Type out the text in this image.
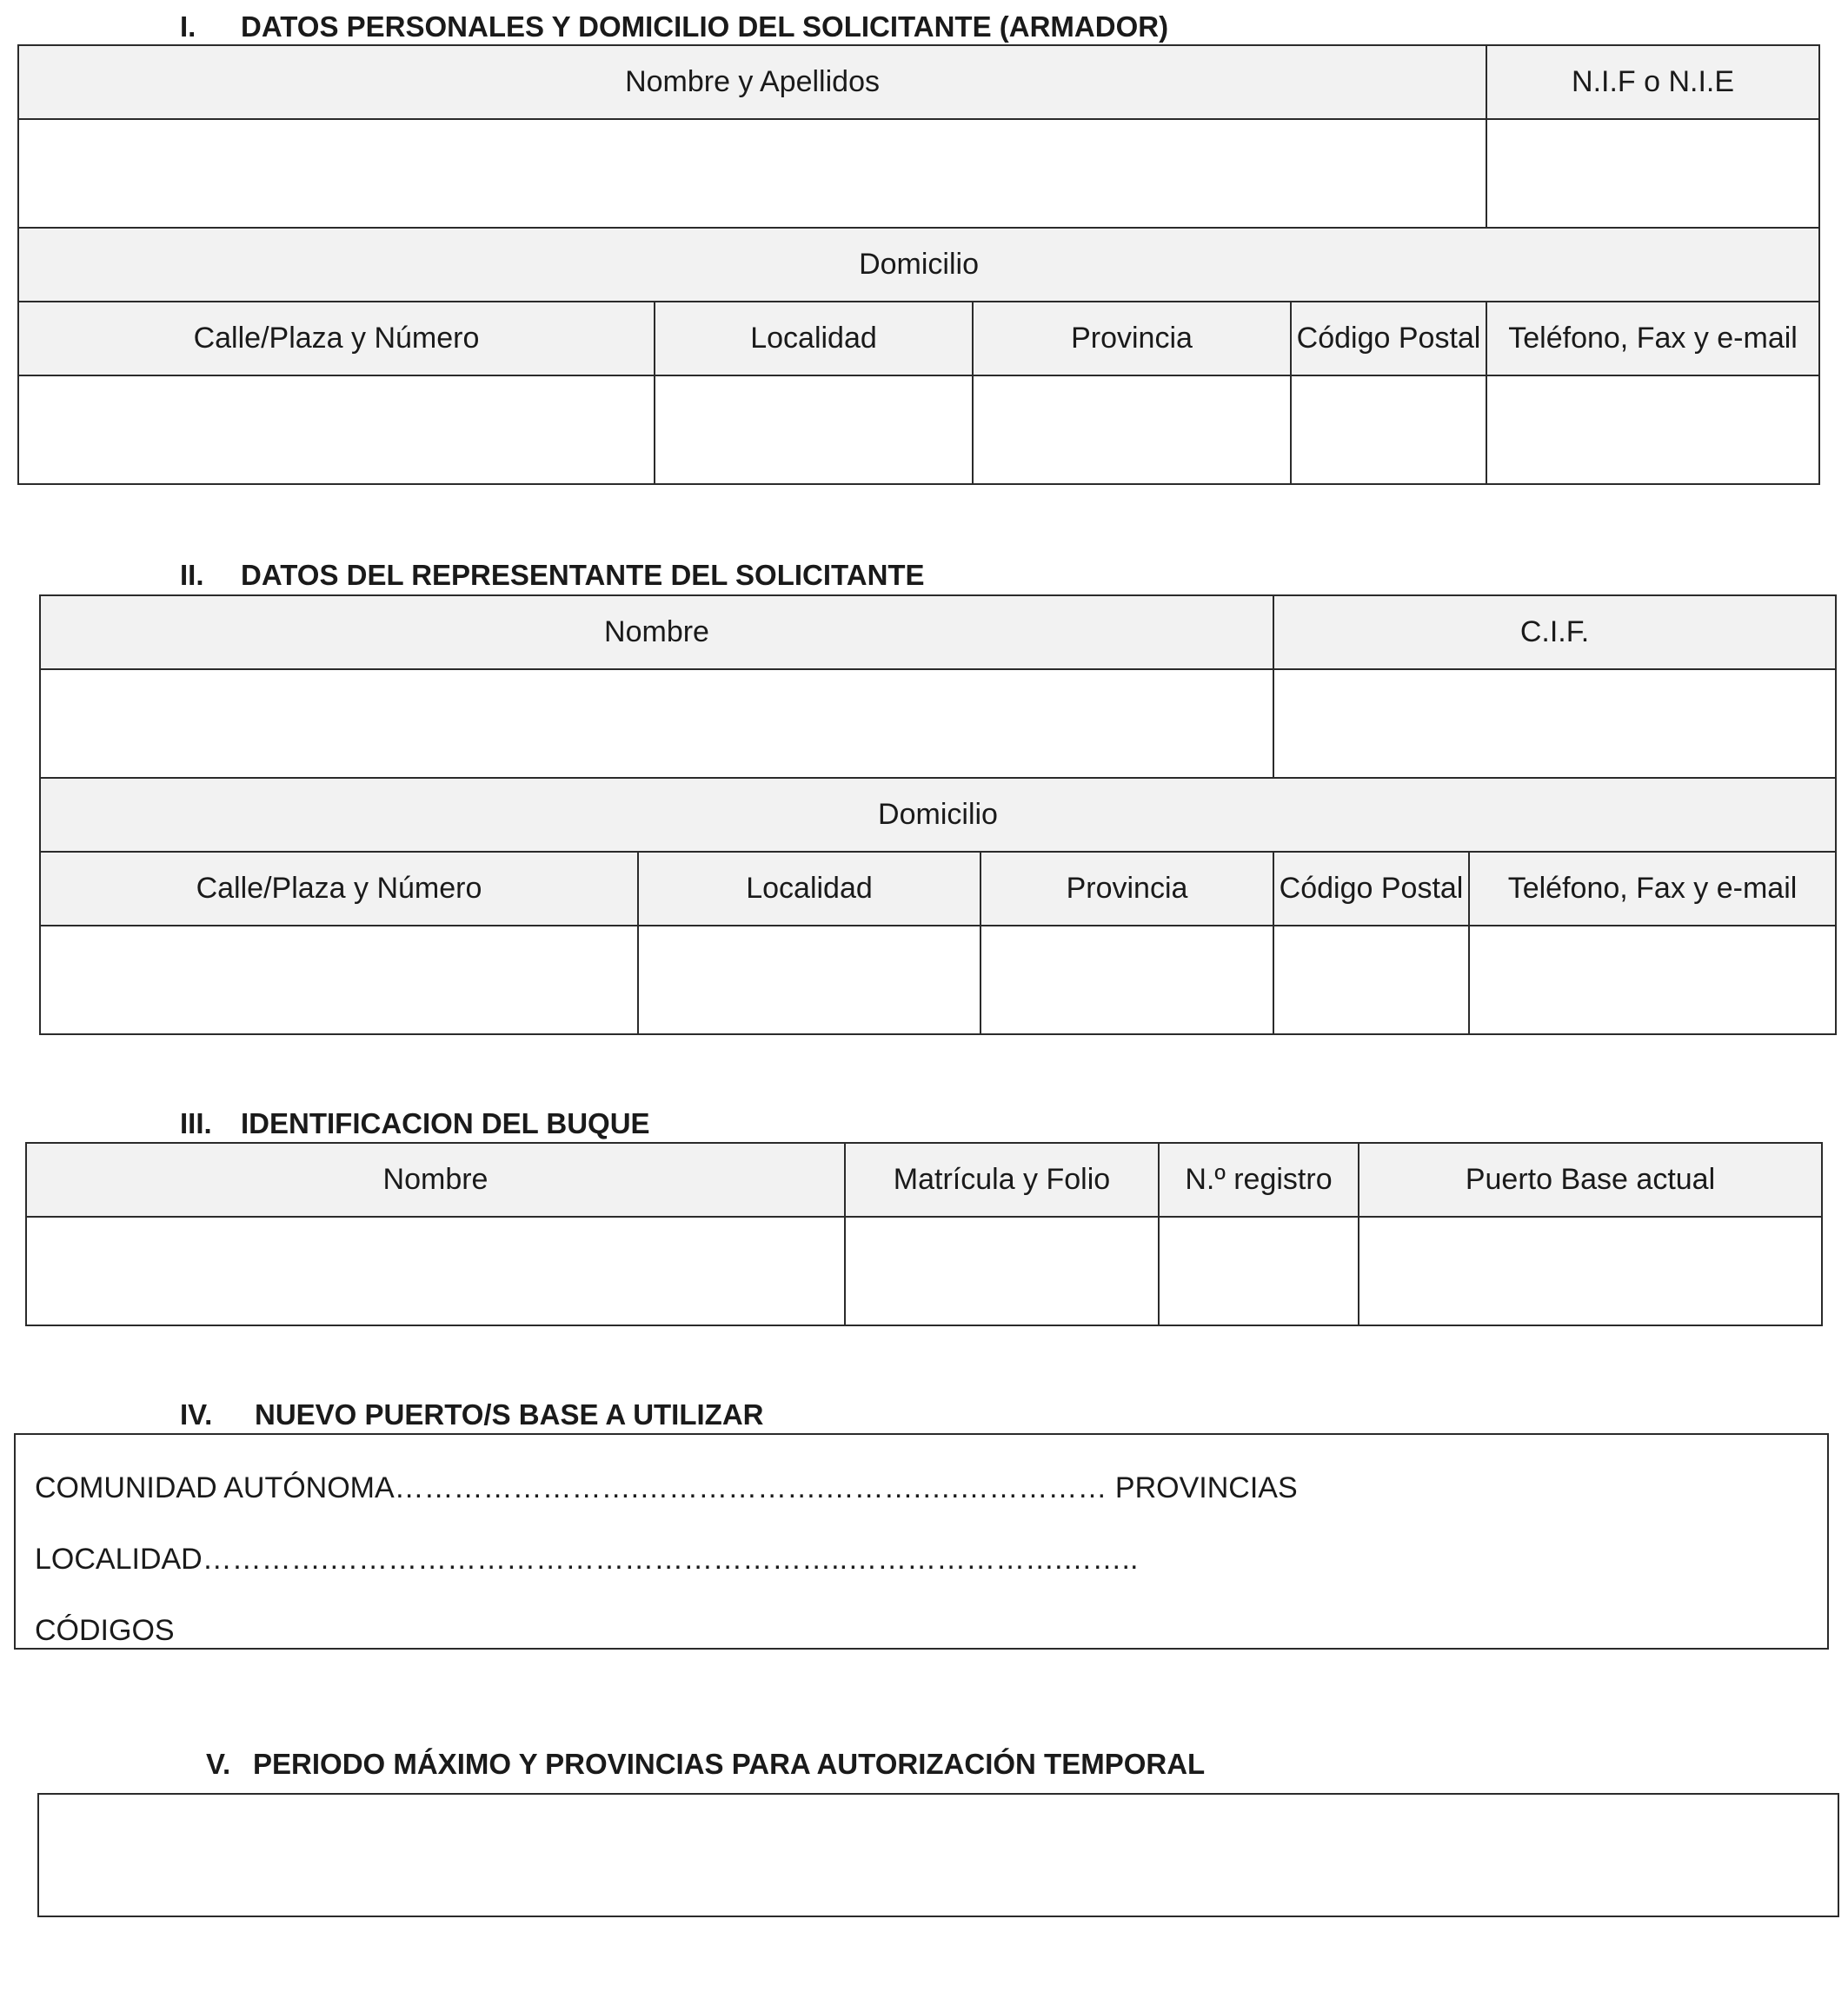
I. DATOS PERSONALES Y DOMICILIO DEL SOLICITANTE (ARMADOR)
Nombre y Apellidos				N.I.F o N.I.E

Domicilio				
Calle/Plaza y Número	Localidad	Provincia	Código Postal	Teléfono, Fax y e-mail

II. DATOS DEL REPRESENTANTE DEL SOLICITANTE
Nombre			C.I.F.	

Domicilio				
Calle/Plaza y Número	Localidad	Provincia	Código Postal	Teléfono, Fax y e-mail

III. IDENTIFICACION DEL BUQUE
Nombre	Matrícula y Folio	N.º registro	Puerto Base actual

IV. NUEVO PUERTO/S BASE A UTILIZAR
COMUNIDAD AUTÓNOMA…………………….……………….……….….…………… PROVINCIAS
LOCALIDAD………….……………………………………………..………………….……..
CÓDIGOS
V. PERIODO MÁXIMO Y PROVINCIAS PARA AUTORIZACIÓN TEMPORAL
